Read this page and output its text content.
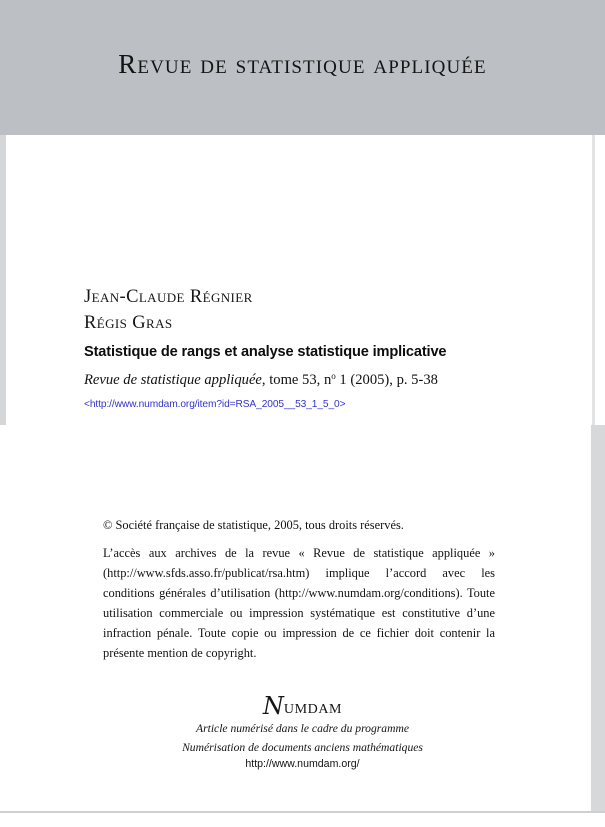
Revue de statistique appliquée
Jean-Claude Régnier
Régis Gras
Statistique de rangs et analyse statistique implicative
Revue de statistique appliquée, tome 53, $n^o$ 1 (2005), p. 5-38
<http://www.numdam.org/item?id=RSA_2005__53_1_5_0>
© Société française de statistique, 2005, tous droits réservés.
L’accès aux archives de la revue « Revue de statistique appliquée » (http://www.sfds.asso.fr/publicat/rsa.htm) implique l’accord avec les conditions générales d’utilisation (http://www.numdam.org/conditions). Toute utilisation commerciale ou impression systématique est constitutive d’une infraction pénale. Toute copie ou impression de ce fichier doit contenir la présente mention de copyright.
Numdam
Article numérisé dans le cadre du programme
Numérisation de documents anciens mathématiques
http://www.numdam.org/
